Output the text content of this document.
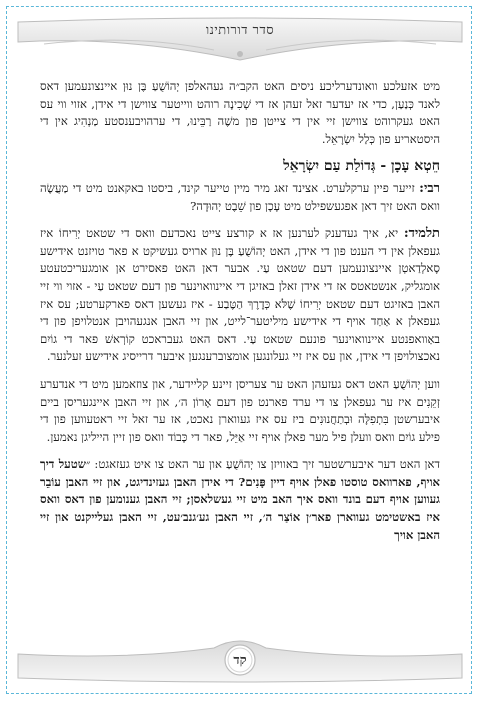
סדר דורותינו

מיט אזעלכע וואונדערליכע ניסים האט הקב״ה געהאלפן יְהוֹשֻׁעַ בֶּן נוּן איינצונעמען דאס לאנד כְּנַעַן, כדי אז יעדער זאל זעהן אז די שְׁכִינָה רוהט ווייטער צווישן די אידן, אזוי ווי עס האט געקרוהט צווישן זיי אין די צייטן פון משֶׁה רַבֵּינוּ, די ערהויבענסטע מַנְהִיג אין די היסטאריע פון כְּלַל יִשְׂרָאֵל.

חֵטְא עָכָן - גְּדוֹלַת עַם יִשְׂרָאֵל

רבי: זייער פיין ערקלערט. אצינד זאג מיר מיין טייער קינד, ביסטו באקאנט מיט די מַעֲשֶׂה וואס האט זיך דאן אפגעשפילט מיט עָכָן פון שֵׁבֶט יְהוּדָה?

תלמיד: יא, איך געדענק לערנען אז א קורצע צייט נאכדעם וואס די שטאט יְרִיחוֹ איז געפאלן אין די הענט פון די אידן, האט יְהוֹשֻׁעַ בֶּן נוּן ארויס געשיקט א פאר טויזנט אידישע סָאלְדַאטְן איינצונעמען דעם שטאט עַי. אבער דאן האט פאסירט אן אומגעריכטעטע אומגליק, אנשטאטס אז די אידן זאלן באזיגן די איינוואוינער פון דעם שטאט עַי - אזוי ווי זיי האבן באזיגט דעם שטאט יְרִיחוֹ שֶׁלֹּא כְּדֶרֶךְ הַטֶּבַע - איז געשען דאס פארקערטע; עס איז געפאלן א אַחַד אויף די אידישע מיליטער־לייט, און זיי האבן אנגעהויבן אנטלויפן פון די באַוואפנטע איינוואוינער פונעם שטאט עַי. דאס האט געבראכט קוֹרְאשׁ פאר די גוֹיִם נאכצולויפן די אידן, און עס איז זיי געלונגען אומצוברענגען איבער דרייסיג אידישע זעלנער.

ווען יְהוֹשֻׁעַ האט דאס געזעהן האט ער צעריסן זיינע קליידער, און צוזאמען מיט די אנדערע זְקֵנִים איז ער געפאלן צו די ערד פארנט פון דעם אָרוֹן ה׳, און זיי האבן איינגעריסן ביים איבערשטן בִּתְפִלָּה וּבְתַחֲנוּנִים ביז עס איז געווארן נאכט, אז ער זאל זיי ראטעווען פון די פילע גוֹיִם וואס וועלן פיל מער פאלן אויף זיי אַיֵּל, פאר די כָּבוֹד וואס פון זיין הייליגן נאמען.

דאן האט דער איבערשטער זיך באוויזן צו יְהוֹשֻׁעַ און ער האט צו איט געזאגט: ״שטעל דיך אויף, פארוואס טוסטו פאלן אויף דיין פָּנִים? די אידן האבן געזינדיגט, און זיי האבן עוֹבֵר געווען אויף דעם בונד וואס איך האב מיט זיי געשלאסן; זיי האבן גענומען פון דאס וואס איז באשטימט געווארן פאר׳ן אוֹצַר ה׳, זיי האבן גע׳גנב׳עט, זיי האבן געלייקנט און זיי האבן אויך

קד
